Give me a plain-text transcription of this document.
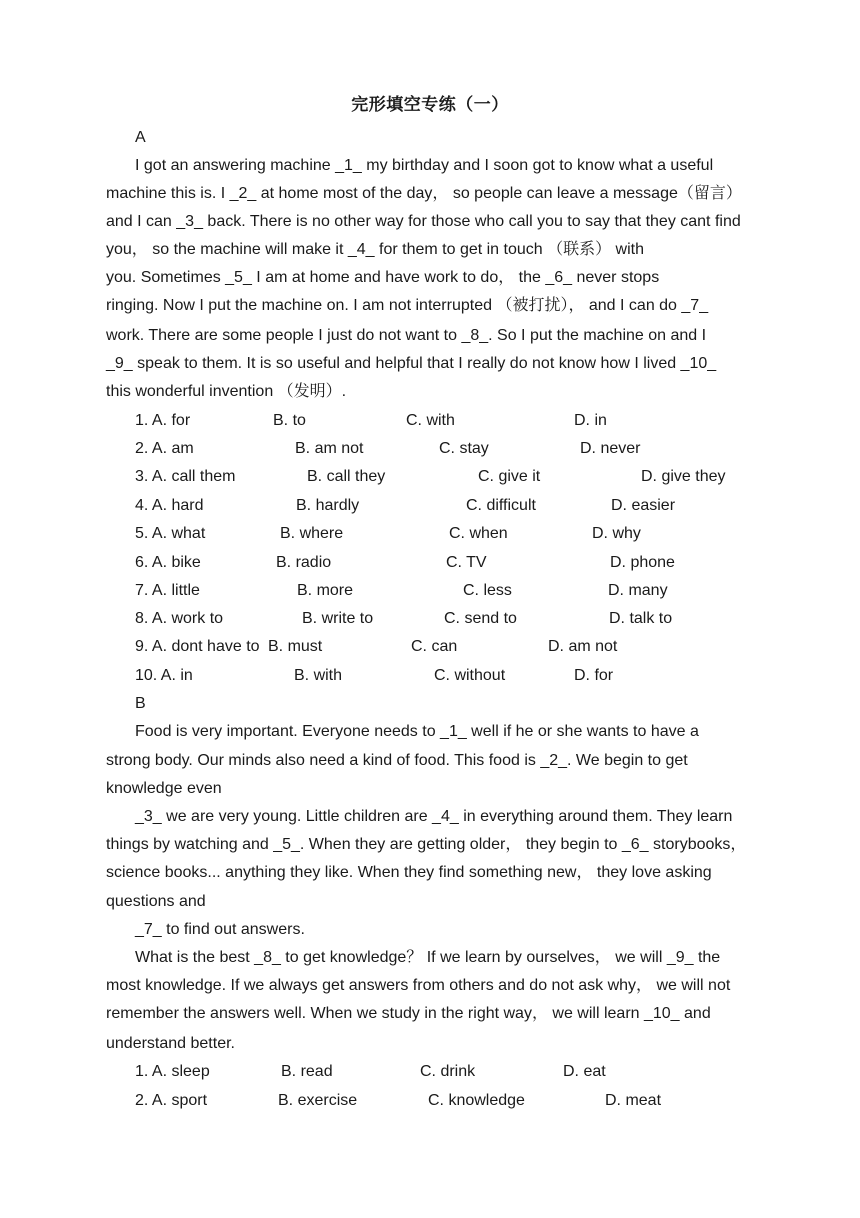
完形填空专练（一）
A
I got an answering machine _1_ my birthday and I soon got to know what a useful
machine this is. I _2_ at home most of the day， so people can leave a message（留言）
and I can _3_ back. There is no other way for those who call you to say that they cant find
you， so the machine will make it _4_ for them to get in touch （联系） with
you. Sometimes _5_ I am at home and have work to do， the _6_ never stops
ringing. Now I put the machine on. I am not interrupted （被打扰）， and I can do _7_
work. There are some people I just do not want to _8_. So I put the machine on and I
_9_ speak to them. It is so useful and helpful that I really do not know how I lived _10_
this wonderful invention （发明）.
1. A. for	B. to	C. with	D. in
2. A. am	B. am not	C. stay	D. never
3. A. call them	B. call they	C. give it	D. give they
4. A. hard	B. hardly	C. difficult	D. easier
5. A. what	B. where	C. when	D. why
6. A. bike	B. radio	C. TV	D. phone
7. A. little	B. more	C. less	D. many
8. A. work to	B. write to	C. send to	D. talk to
9. A. dont have to B. must	C. can	D. am not
10. A. in	B. with	C. without	D. for
B
Food is very important. Everyone needs to _1_ well if he or she wants to have a
strong body. Our minds also need a kind of food. This food is _2_. We begin to get
knowledge even
_3_ we are very young. Little children are _4_ in everything around them. They learn
things by watching and _5_. When they are getting older， they begin to _6_ storybooks，
science books... anything they like. When they find something new， they love asking
questions and
_7_ to find out answers.
What is the best _8_ to get knowledge？ If we learn by ourselves， we will _9_ the
most knowledge. If we always get answers from others and do not ask why， we will not
remember the answers well. When we study in the right way， we will learn _10_ and
understand better.
1. A. sleep	B. read	C. drink	D. eat
2. A. sport	B. exercise	C. knowledge	D. meat
